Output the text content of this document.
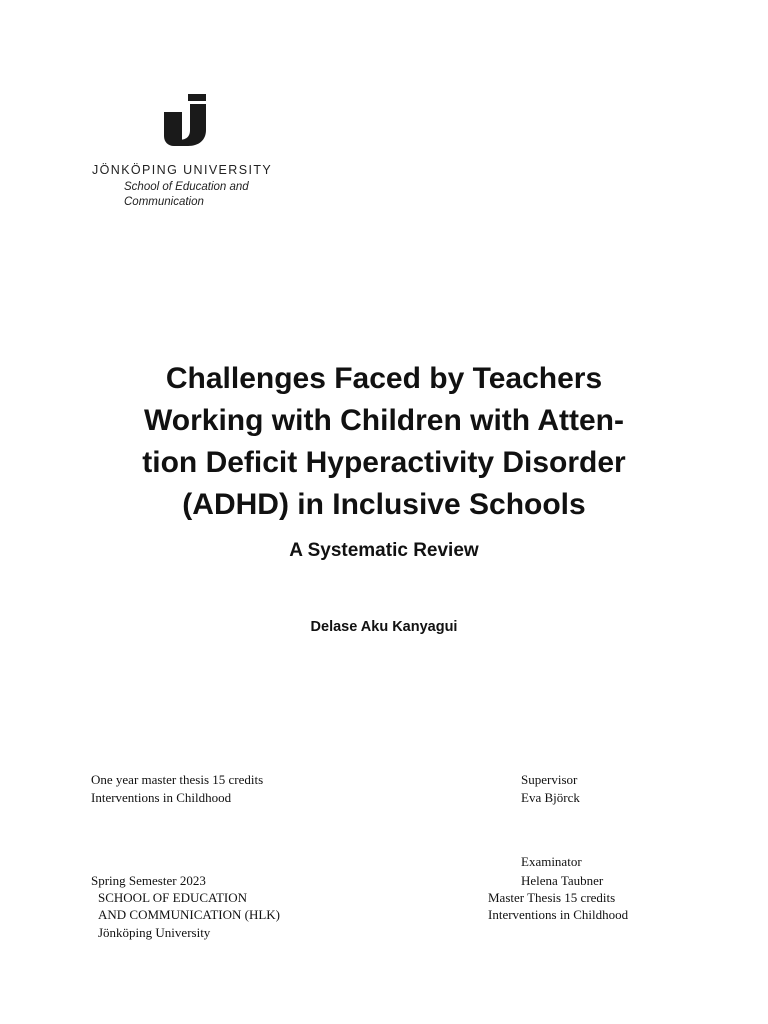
JÖNKÖPING UNIVERSITY
School of Education and Communication
Challenges Faced by Teachers
Working with Children with Atten-
tion Deficit Hyperactivity Disorder
(ADHD) in Inclusive Schools
A Systematic Review
Delase Aku Kanyagui
One year master thesis 15 credits
Interventions in Childhood
Spring Semester 2023
SCHOOL OF EDUCATION
AND COMMUNICATION (HLK)
Jönköping University
Supervisor
Eva Björck
Examinator
Helena Taubner
Master Thesis 15 credits
Interventions in Childhood
